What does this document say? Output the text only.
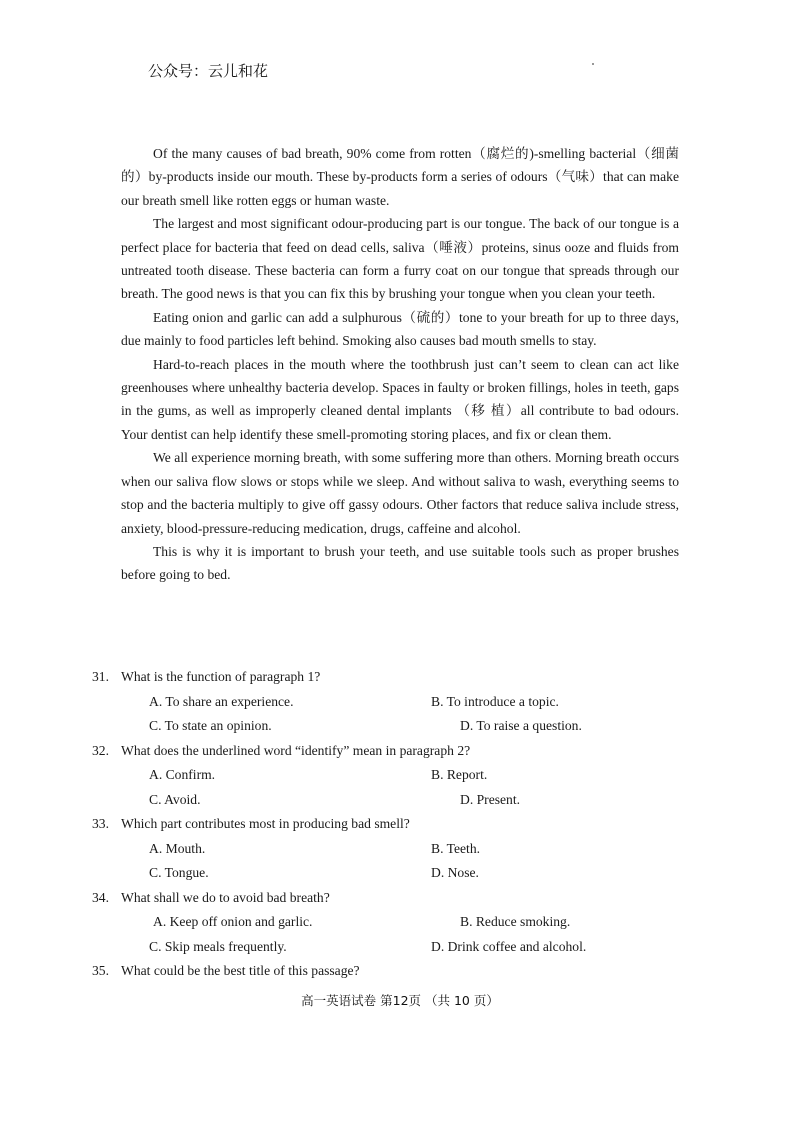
公众号：云儿和花

Of the many causes of bad breath, 90% come from rotten（腐烂的)-smelling bacterial（细菌的）by-products inside our mouth. These by-products form a series of odours（气味）that can make our breath smell like rotten eggs or human waste.

The largest and most significant odour-producing part is our tongue. The back of our tongue is a perfect place for bacteria that feed on dead cells, saliva（唾液）proteins, sinus ooze and fluids from untreated tooth disease. These bacteria can form a furry coat on our tongue that spreads through our breath. The good news is that you can fix this by brushing your tongue when you clean your teeth.

Eating onion and garlic can add a sulphurous（硫的）tone to your breath for up to three days, due mainly to food particles left behind. Smoking also causes bad mouth smells to stay.

Hard-to-reach places in the mouth where the toothbrush just can’t seem to clean can act like greenhouses where unhealthy bacteria develop. Spaces in faulty or broken fillings, holes in teeth, gaps in the gums, as well as improperly cleaned dental implants （移 植）all contribute to bad odours. Your dentist can help identify these smell-promoting storing places, and fix or clean them.

We all experience morning breath, with some suffering more than others. Morning breath occurs when our saliva flow slows or stops while we sleep. And without saliva to wash, everything seems to stop and the bacteria multiply to give off gassy odours. Other factors that reduce saliva include stress, anxiety, blood-pressure-reducing medication, drugs, caffeine and alcohol.

This is why it is important to brush your teeth, and use suitable tools such as proper brushes before going to bed.

31. What is the function of paragraph 1?
A. To share an experience.	B. To introduce a topic.
C. To state an opinion.	D. To raise a question.
32. What does the underlined word “identify” mean in paragraph 2?
A. Confirm.	B. Report.
C. Avoid.	D. Present.
33. Which part contributes most in producing bad smell?
A. Mouth.	B. Teeth.
C. Tongue.	D. Nose.
34. What shall we do to avoid bad breath?
A. Keep off onion and garlic.	B. Reduce smoking.
C. Skip meals frequently.	D. Drink coffee and alcohol.
35. What could be the best title of this passage?
高一英语试卷 第12页 （共 10 页）
